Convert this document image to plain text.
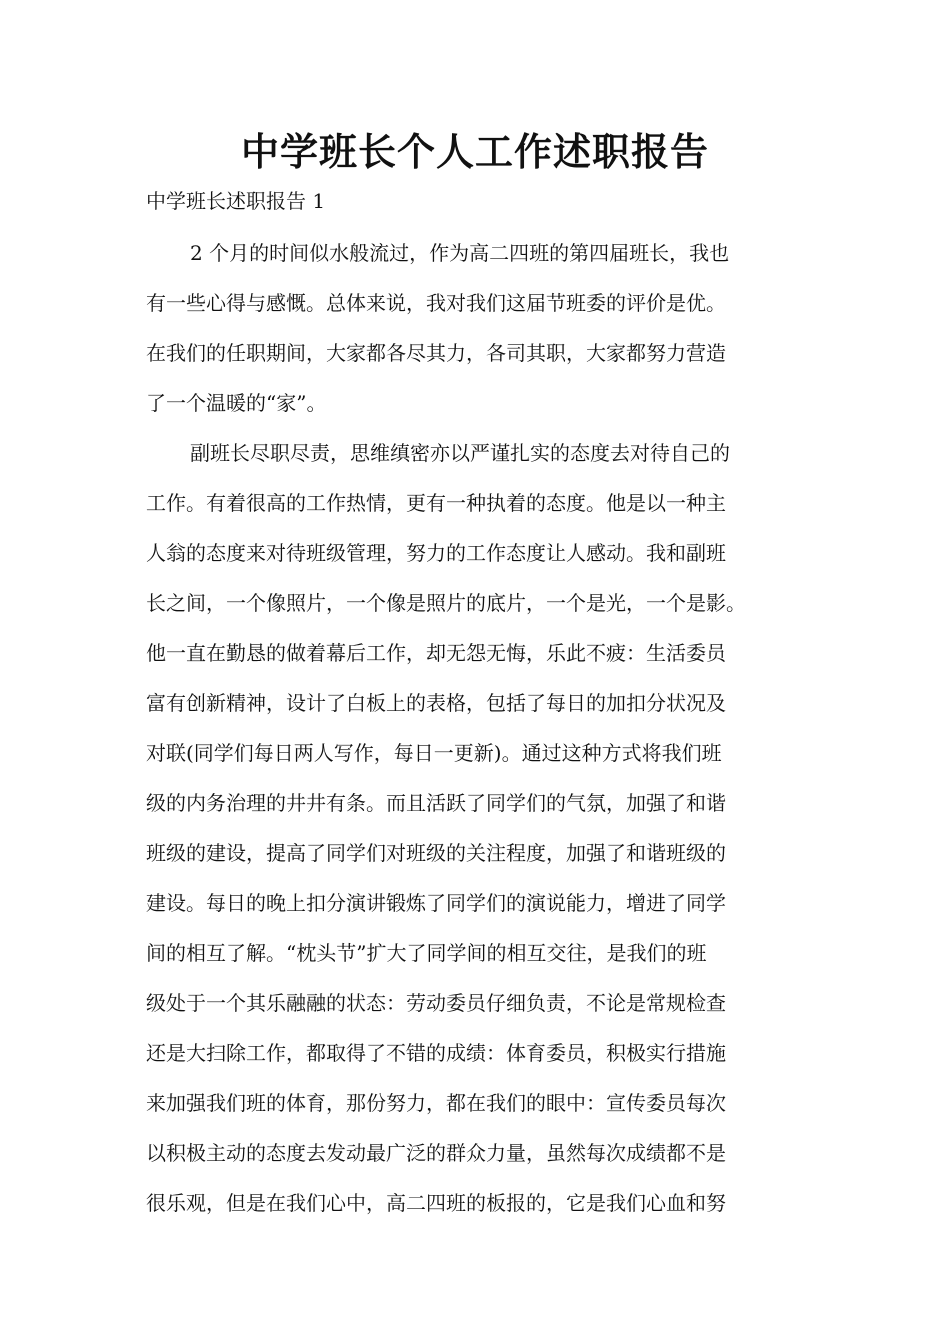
中学班长个人工作述职报告

中学班长述职报告 1

2 个月的时间似水般流过，作为高二四班的第四届班长，我也

有一些心得与感慨。总体来说，我对我们这届节班委的评价是优。

在我们的任职期间，大家都各尽其力，各司其职，大家都努力营造

了一个温暖的“家”。

副班长尽职尽责，思维缜密亦以严谨扎实的态度去对待自己的

工作。有着很高的工作热情，更有一种执着的态度。他是以一种主

人翁的态度来对待班级管理，努力的工作态度让人感动。我和副班

长之间，一个像照片，一个像是照片的底片，一个是光，一个是影。

他一直在勤恳的做着幕后工作，却无怨无悔，乐此不疲：生活委员

富有创新精神，设计了白板上的表格，包括了每日的加扣分状况及

对联(同学们每日两人写作，每日一更新)。通过这种方式将我们班

级的内务治理的井井有条。而且活跃了同学们的气氛，加强了和谐

班级的建设，提高了同学们对班级的关注程度，加强了和谐班级的

建设。每日的晚上扣分演讲锻炼了同学们的演说能力，增进了同学

间的相互了解。“枕头节”扩大了同学间的相互交往，是我们的班

级处于一个其乐融融的状态：劳动委员仔细负责，不论是常规检查

还是大扫除工作，都取得了不错的成绩：体育委员，积极实行措施

来加强我们班的体育，那份努力，都在我们的眼中：宣传委员每次

以积极主动的态度去发动最广泛的群众力量，虽然每次成绩都不是

很乐观，但是在我们心中，高二四班的板报的，它是我们心血和努
